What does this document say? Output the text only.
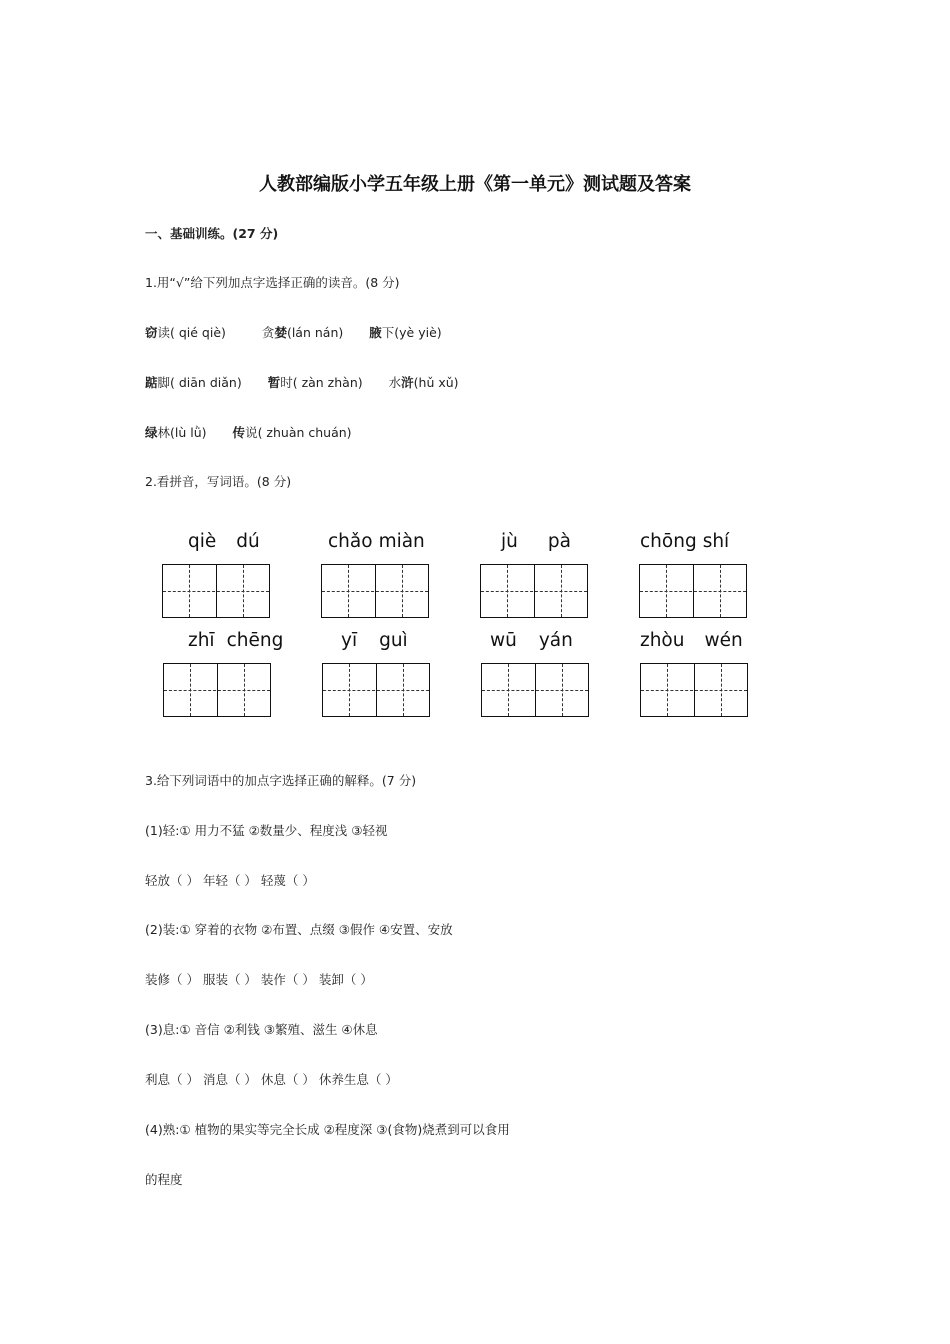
人教部编版小学五年级上册《第一单元》测试题及答案
一、基础训练。(27 分)
1.用“√”给下列加点字选择正确的读音。(8 分)
窃读( qié qiè)	贪婪(lán nán) 腋下(yè yiè)
踮脚( diān diǎn) 暂时( zàn zhàn) 水浒(hǔ xǔ)
绿林(lù lǜ) 传说( zhuàn chuán)
2.看拼音，写词语。(8 分)
qiè dú	chǎo miàn	jù pà	chōng shí
zhī chēng	yī guì	wū yán	zhòu wén
3.给下列词语中的加点字选择正确的解释。(7 分)
(1)轻:① 用力不猛 ②数量少、程度浅 ③轻视
轻放（ ） 年轻（ ） 轻蔑（ ）
(2)装:① 穿着的衣物 ②布置、点缀 ③假作 ④安置、安放
装修（ ） 服装（ ） 装作（ ） 装卸（ ）
(3)息:① 音信 ②利钱 ③繁殖、滋生 ④休息
利息（ ） 消息（ ） 休息（ ） 休养生息（ ）
(4)熟:① 植物的果实等完全长成 ②程度深 ③(食物)烧煮到可以食用
的程度
